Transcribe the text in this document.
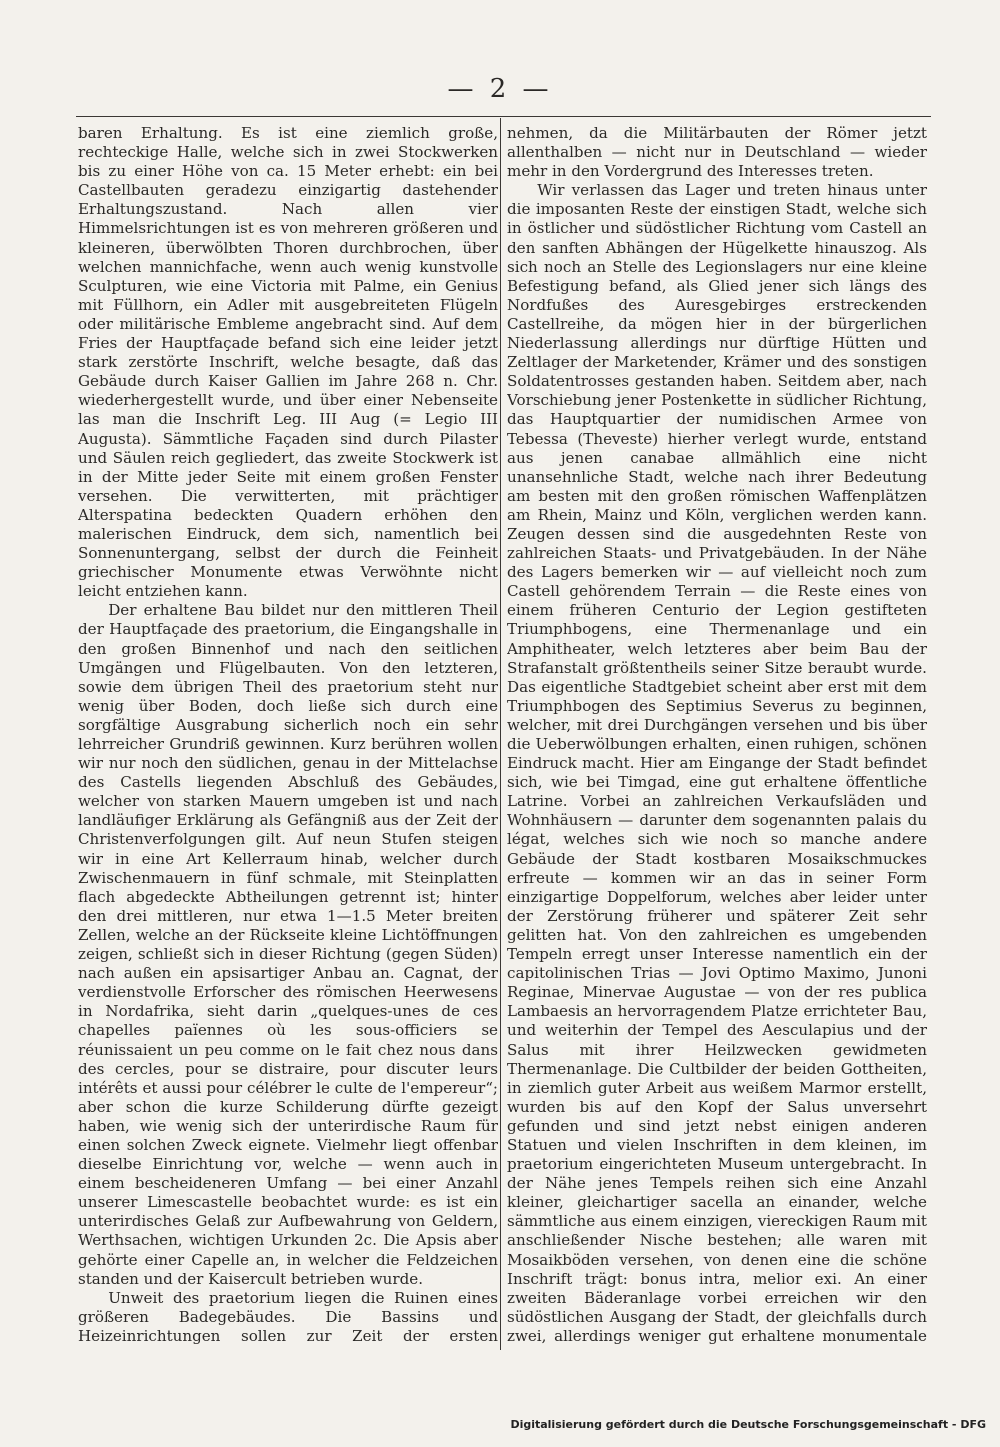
— 2 —

baren Erhaltung. Es ist eine ziemlich große, rechteckige Halle, welche sich in zwei Stockwerken bis zu einer Höhe von ca. 15 Meter erhebt: ein bei Castellbauten geradezu einzigartig dastehender Erhaltungszustand. Nach allen vier Himmelsrichtungen ist es von mehreren größeren und kleineren, überwölbten Thoren durchbrochen, über welchen mannichfache, wenn auch wenig kunstvolle Sculpturen, wie eine Victoria mit Palme, ein Genius mit Füllhorn, ein Adler mit ausgebreiteten Flügeln oder militärische Embleme angebracht sind. Auf dem Fries der Hauptfaçade befand sich eine leider jetzt stark zerstörte Inschrift, welche besagte, daß das Gebäude durch Kaiser Gallien im Jahre 268 n. Chr. wiederhergestellt wurde, und über einer Nebenseite las man die Inschrift Leg. III Aug (= Legio III Augusta). Sämmtliche Façaden sind durch Pilaster und Säulen reich gegliedert, das zweite Stockwerk ist in der Mitte jeder Seite mit einem großen Fenster versehen. Die verwitterten, mit prächtiger Alterspatina bedeckten Quadern erhöhen den malerischen Eindruck, dem sich, namentlich bei Sonnenuntergang, selbst der durch die Feinheit griechischer Monumente etwas Verwöhnte nicht leicht entziehen kann.

Der erhaltene Bau bildet nur den mittleren Theil der Hauptfaçade des praetorium, die Eingangshalle in den großen Binnenhof und nach den seitlichen Umgängen und Flügelbauten. Von den letzteren, sowie dem übrigen Theil des praetorium steht nur wenig über Boden, doch ließe sich durch eine sorgfältige Ausgrabung sicherlich noch ein sehr lehrreicher Grundriß gewinnen. Kurz berühren wollen wir nur noch den südlichen, genau in der Mittelachse des Castells liegenden Abschluß des Gebäudes, welcher von starken Mauern umgeben ist und nach landläufiger Erklärung als Gefängniß aus der Zeit der Christenverfolgungen gilt. Auf neun Stufen steigen wir in eine Art Kellerraum hinab, welcher durch Zwischenmauern in fünf schmale, mit Steinplatten flach abgedeckte Abtheilungen getrennt ist; hinter den drei mittleren, nur etwa 1—1.5 Meter breiten Zellen, welche an der Rückseite kleine Lichtöffnungen zeigen, schließt sich in dieser Richtung (gegen Süden) nach außen ein apsisartiger Anbau an. Cagnat, der verdienstvolle Erforscher des römischen Heerwesens in Nordafrika, sieht darin „quelques-unes de ces chapelles païennes où les sous-officiers se réunissaient un peu comme on le fait chez nous dans des cercles, pour se distraire, pour discuter leurs intérêts et aussi pour célébrer le culte de l'empereur“; aber schon die kurze Schilderung dürfte gezeigt haben, wie wenig sich der unterirdische Raum für einen solchen Zweck eignete. Vielmehr liegt offenbar dieselbe Einrichtung vor, welche — wenn auch in einem bescheideneren Umfang — bei einer Anzahl unserer Limescastelle beobachtet wurde: es ist ein unterirdisches Gelaß zur Aufbewahrung von Geldern, Werthsachen, wichtigen Urkunden 2c. Die Apsis aber gehörte einer Capelle an, in welcher die Feldzeichen standen und der Kaisercult betrieben wurde.

Unweit des praetorium liegen die Ruinen eines größeren Badegebäudes. Die Bassins und Heizeinrichtungen sollen zur Zeit der ersten

nehmen, da die Militärbauten der Römer jetzt allenthalben — nicht nur in Deutschland — wieder mehr in den Vordergrund des Interesses treten.

Wir verlassen das Lager und treten hinaus unter die imposanten Reste der einstigen Stadt, welche sich in östlicher und südöstlicher Richtung vom Castell an den sanften Abhängen der Hügelkette hinauszog. Als sich noch an Stelle des Legionslagers nur eine kleine Befestigung befand, als Glied jener sich längs des Nordfußes des Auresgebirges erstreckenden Castellreihe, da mögen hier in der bürgerlichen Niederlassung allerdings nur dürftige Hütten und Zeltlager der Marketender, Krämer und des sonstigen Soldatentrosses gestanden haben. Seitdem aber, nach Vorschiebung jener Postenkette in südlicher Richtung, das Hauptquartier der numidischen Armee von Tebessa (Theveste) hierher verlegt wurde, entstand aus jenen canabae allmählich eine nicht unansehnliche Stadt, welche nach ihrer Bedeutung am besten mit den großen römischen Waffenplätzen am Rhein, Mainz und Köln, verglichen werden kann. Zeugen dessen sind die ausgedehnten Reste von zahlreichen Staats- und Privatgebäuden. In der Nähe des Lagers bemerken wir — auf vielleicht noch zum Castell gehörendem Terrain — die Reste eines von einem früheren Centurio der Legion gestifteten Triumphbogens, eine Thermenanlage und ein Amphitheater, welch letzteres aber beim Bau der Strafanstalt größtentheils seiner Sitze beraubt wurde. Das eigentliche Stadtgebiet scheint aber erst mit dem Triumphbogen des Septimius Severus zu beginnen, welcher, mit drei Durchgängen versehen und bis über die Ueberwölbungen erhalten, einen ruhigen, schönen Eindruck macht. Hier am Eingange der Stadt befindet sich, wie bei Timgad, eine gut erhaltene öffentliche Latrine. Vorbei an zahlreichen Verkaufsläden und Wohnhäusern — darunter dem sogenannten palais du légat, welches sich wie noch so manche andere Gebäude der Stadt kostbaren Mosaikschmuckes erfreute — kommen wir an das in seiner Form einzigartige Doppelforum, welches aber leider unter der Zerstörung früherer und späterer Zeit sehr gelitten hat. Von den zahlreichen es umgebenden Tempeln erregt unser Interesse namentlich ein der capitolinischen Trias — Jovi Optimo Maximo, Junoni Reginae, Minervae Augustae — von der res publica Lambaesis an hervorragendem Platze errichteter Bau, und weiterhin der Tempel des Aesculapius und der Salus mit ihrer Heilzwecken gewidmeten Thermenanlage. Die Cultbilder der beiden Gottheiten, in ziemlich guter Arbeit aus weißem Marmor erstellt, wurden bis auf den Kopf der Salus unversehrt gefunden und sind jetzt nebst einigen anderen Statuen und vielen Inschriften in dem kleinen, im praetorium eingerichteten Museum untergebracht. In der Nähe jenes Tempels reihen sich eine Anzahl kleiner, gleichartiger sacella an einander, welche sämmtliche aus einem einzigen, viereckigen Raum mit anschließender Nische bestehen; alle waren mit Mosaikböden versehen, von denen eine die schöne Inschrift trägt: bonus intra, melior exi. An einer zweiten Bäderanlage vorbei erreichen wir den südöstlichen Ausgang der Stadt, der gleichfalls durch zwei, allerdings weniger gut erhaltene monumentale

Digitalisierung gefördert durch die Deutsche Forschungsgemeinschaft - DFG
